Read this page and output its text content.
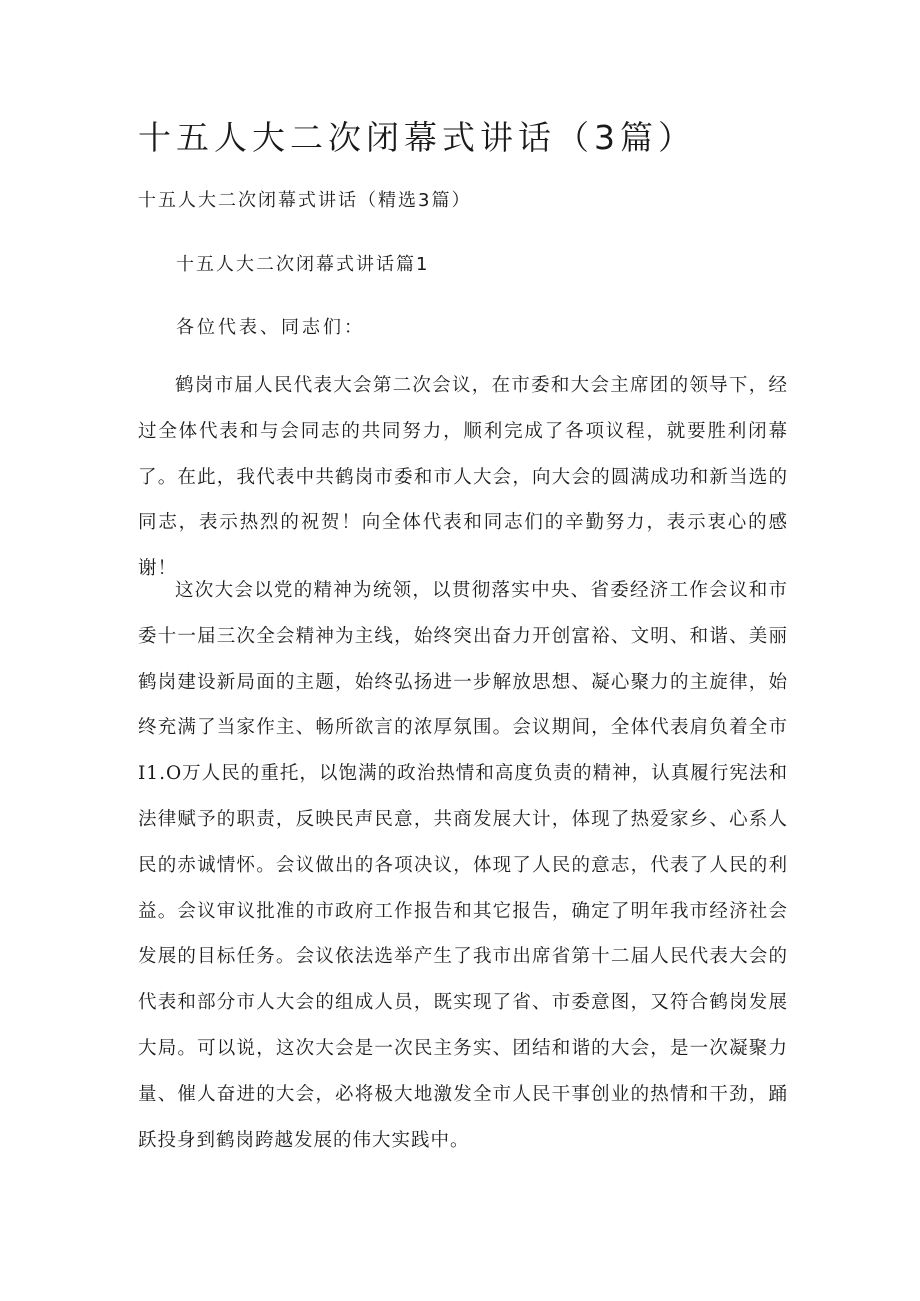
十五人大二次闭幕式讲话（3篇）

十五人大二次闭幕式讲话（精选3篇）

十五人大二次闭幕式讲话篇1

各位代表、同志们：

鹤岗市届人民代表大会第二次会议，在市委和大会主席团的领导下，经过全体代表和与会同志的共同努力，顺利完成了各项议程，就要胜利闭幕了。在此，我代表中共鹤岗市委和市人大会，向大会的圆满成功和新当选的同志，表示热烈的祝贺！向全体代表和同志们的辛勤努力，表示衷心的感谢！

这次大会以党的精神为统领，以贯彻落实中央、省委经济工作会议和市委十一届三次全会精神为主线，始终突出奋力开创富裕、文明、和谐、美丽鹤岗建设新局面的主题，始终弘扬进一步解放思想、凝心聚力的主旋律，始终充满了当家作主、畅所欲言的浓厚氛围。会议期间，全体代表肩负着全市I1.O万人民的重托，以饱满的政治热情和高度负责的精神，认真履行宪法和法律赋予的职责，反映民声民意，共商发展大计，体现了热爱家乡、心系人民的赤诚情怀。会议做出的各项决议，体现了人民的意志，代表了人民的利益。会议审议批准的市政府工作报告和其它报告，确定了明年我市经济社会发展的目标任务。会议依法选举产生了我市出席省第十二届人民代表大会的代表和部分市人大会的组成人员，既实现了省、市委意图，又符合鹤岗发展大局。可以说，这次大会是一次民主务实、团结和谐的大会，是一次凝聚力量、催人奋进的大会，必将极大地激发全市人民干事创业的热情和干劲，踊跃投身到鹤岗跨越发展的伟大实践中。
